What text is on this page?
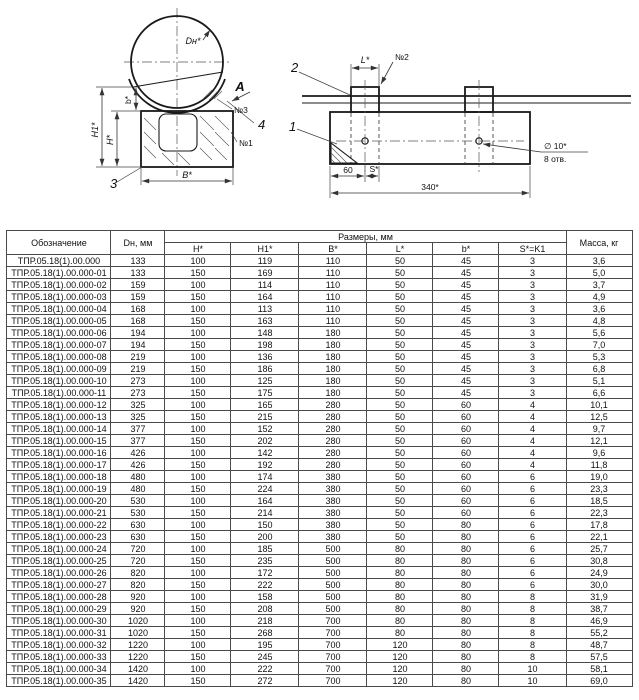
Dн*
A
№3
№1
3
4
H1*
H*
b*
B*
2
1
L*	№2
60 S*
340*
∅ 10*
8 отв.
Обозначение	Dн, мм	Размеры, мм						Масса, кг
		H*	H1*	B*	L*	b*	S*=K1	
ТПР.05.18(1).00.000	133	100	119	110	50	45	3	3,6
ТПР.05.18(1).00.000-01	133	150	169	110	50	45	3	5,0
ТПР.05.18(1).00.000-02	159	100	114	110	50	45	3	3,7
ТПР.05.18(1).00.000-03	159	150	164	110	50	45	3	4,9
ТПР.05.18(1).00.000-04	168	100	113	110	50	45	3	3,6
ТПР.05.18(1).00.000-05	168	150	163	110	50	45	3	4,8
ТПР.05.18(1).00.000-06	194	100	148	180	50	45	3	5,6
ТПР.05.18(1).00.000-07	194	150	198	180	50	45	3	7,0
ТПР.05.18(1).00.000-08	219	100	136	180	50	45	3	5,3
ТПР.05.18(1).00.000-09	219	150	186	180	50	45	3	6,8
ТПР.05.18(1).00.000-10	273	100	125	180	50	45	3	5,1
ТПР.05.18(1).00.000-11	273	150	175	180	50	45	3	6,6
ТПР.05.18(1).00.000-12	325	100	165	280	50	60	4	10,1
ТПР.05.18(1).00.000-13	325	150	215	280	50	60	4	12,5
ТПР.05.18(1).00.000-14	377	100	152	280	50	60	4	9,7
ТПР.05.18(1).00.000-15	377	150	202	280	50	60	4	12,1
ТПР.05.18(1).00.000-16	426	100	142	280	50	60	4	9,6
ТПР.05.18(1).00.000-17	426	150	192	280	50	60	4	11,8
ТПР.05.18(1).00.000-18	480	100	174	380	50	60	6	19,0
ТПР.05.18(1).00.000-19	480	150	224	380	50	60	6	23,3
ТПР.05.18(1).00.000-20	530	100	164	380	50	60	6	18,5
ТПР.05.18(1).00.000-21	530	150	214	380	50	60	6	22,3
ТПР.05.18(1).00.000-22	630	100	150	380	50	80	6	17,8
ТПР.05.18(1).00.000-23	630	150	200	380	50	80	6	22,1
ТПР.05.18(1).00.000-24	720	100	185	500	80	80	6	25,7
ТПР.05.18(1).00.000-25	720	150	235	500	80	80	6	30,8
ТПР.05.18(1).00.000-26	820	100	172	500	80	80	6	24,9
ТПР.05.18(1).00.000-27	820	150	222	500	80	80	6	30,0
ТПР.05.18(1).00.000-28	920	100	158	500	80	80	8	31,9
ТПР.05.18(1).00.000-29	920	150	208	500	80	80	8	38,7
ТПР.05.18(1).00.000-30	1020	100	218	700	80	80	8	46,9
ТПР.05.18(1).00.000-31	1020	150	268	700	80	80	8	55,2
ТПР.05.18(1).00.000-32	1220	100	195	700	120	80	8	48,7
ТПР.05.18(1).00.000-33	1220	150	245	700	120	80	8	57,5
ТПР.05.18(1).00.000-34	1420	100	222	700	120	80	10	58,1
ТПР.05.18(1).00.000-35	1420	150	272	700	120	80	10	69,0
